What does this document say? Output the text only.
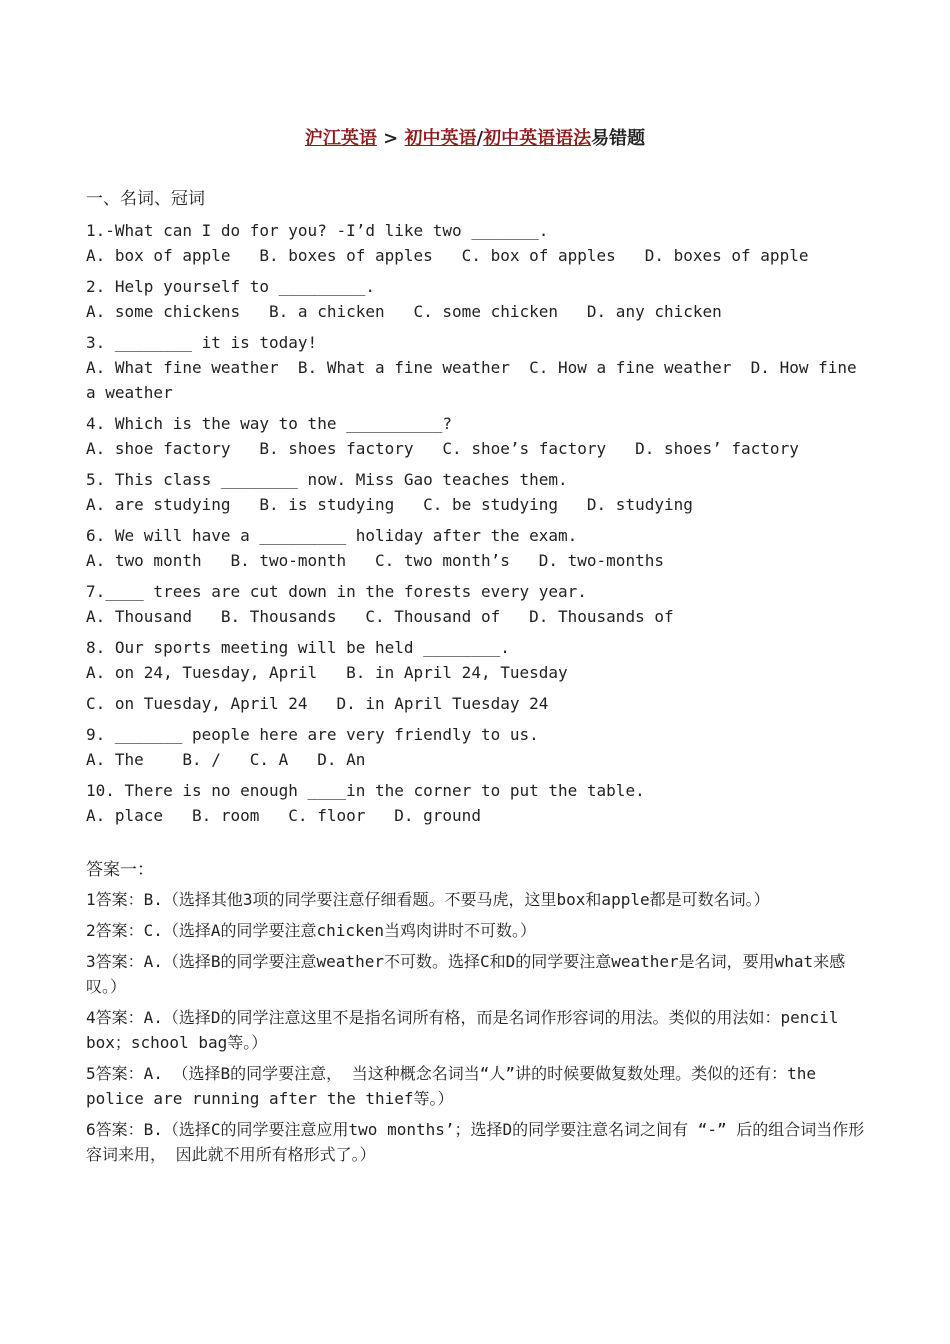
沪江英语 > 初中英语/初中英语语法易错题
一、名词、冠词
1.-What can I do for you? -I’d like two _______.
A. box of apple   B. boxes of apples   C. box of apples   D. boxes of apple
2. Help yourself to _________.
A. some chickens   B. a chicken   C. some chicken   D. any chicken
3. ________ it is today!
A. What fine weather  B. What a fine weather  C. How a fine weather  D. How fine a weather
4. Which is the way to the __________?
A. shoe factory   B. shoes factory   C. shoe’s factory   D. shoes’ factory
5. This class ________ now. Miss Gao teaches them.
A. are studying   B. is studying   C. be studying   D. studying
6. We will have a _________ holiday after the exam.
A. two month   B. two-month   C. two month’s   D. two-months
7.____ trees are cut down in the forests every year.
A. Thousand   B. Thousands   C. Thousand of   D. Thousands of
8. Our sports meeting will be held ________.
A. on 24, Tuesday, April   B. in April 24, Tuesday
C. on Tuesday, April 24   D. in April Tuesday 24
9. _______ people here are very friendly to us.
A. The    B. /   C. A   D. An
10. There is no enough ____in the corner to put the table.
A. place   B. room   C. floor   D. ground
答案一：
1答案：B.（选择其他3项的同学要注意仔细看题。不要马虎，这里box和apple都是可数名词。）
2答案：C.（选择A的同学要注意chicken当鸡肉讲时不可数。）
3答案：A.（选择B的同学要注意weather不可数。选择C和D的同学要注意weather是名词，要用what来感叹。）
4答案：A.（选择D的同学注意这里不是指名词所有格，而是名词作形容词的用法。类似的用法如：pencil box；school bag等。）
5答案：A. （选择B的同学要注意， 当这种概念名词当“人”讲的时候要做复数处理。类似的还有：the police are running after the thief等。）
6答案：B.（选择C的同学要注意应用two months’；选择D的同学要注意名词之间有 “-” 后的组合词当作形容词来用， 因此就不用所有格形式了。）
